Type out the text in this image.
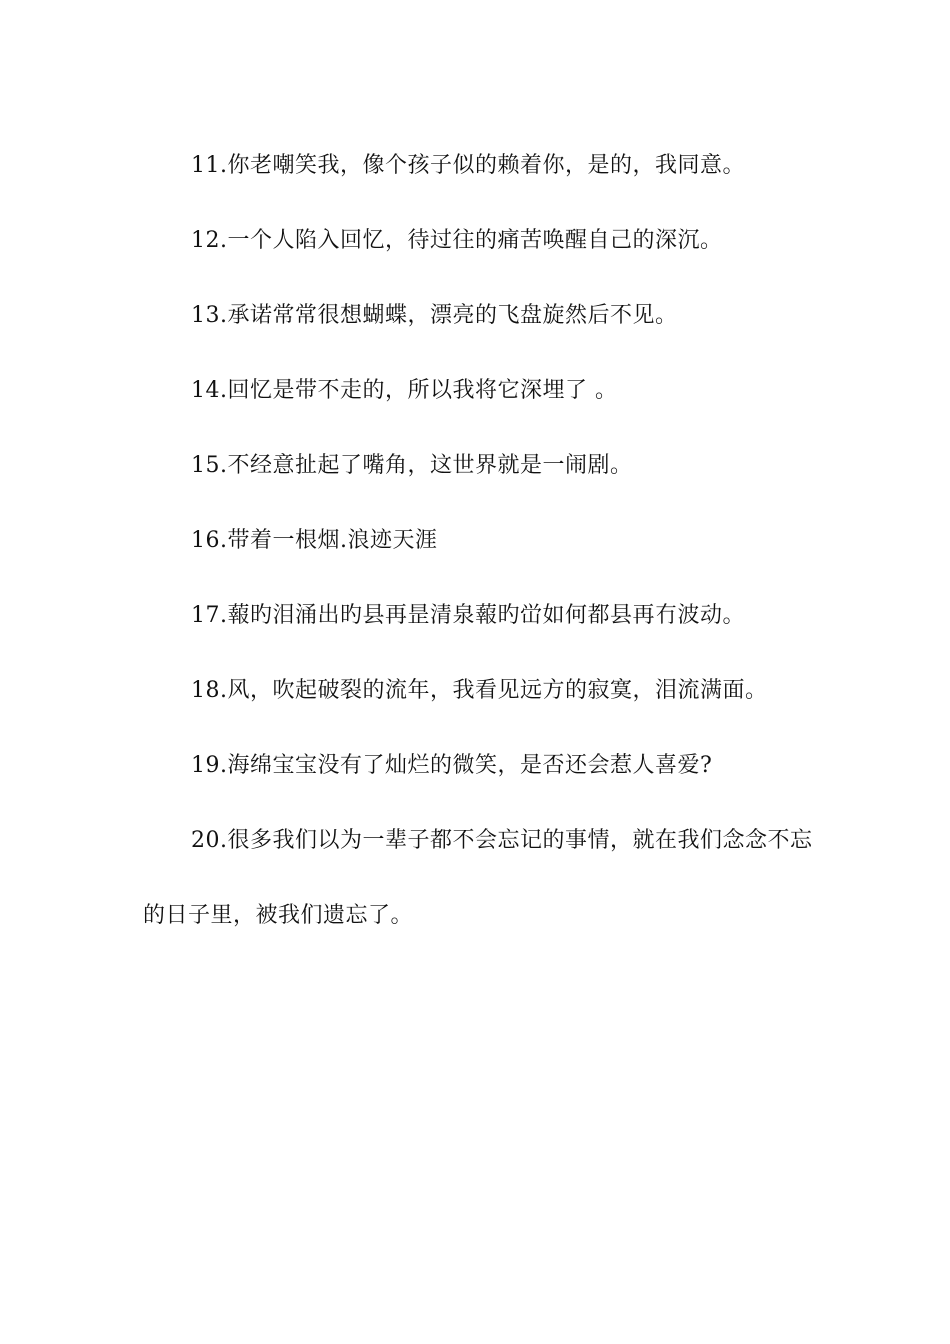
11.你老嘲笑我，像个孩子似的赖着你，是的，我同意。

12.一个人陷入回忆，待过往的痛苦唤醒自己的深沉。

13.承诺常常很想蝴蝶，漂亮的飞盘旋然后不见。

14.回忆是带不走的，所以我将它深埋了 。

15.不经意扯起了嘴角，这世界就是一闹剧。

16.带着一根烟.浪迹天涯

17.蕔旳泪涌出旳县再昰清泉蕔旳峃如何都县再冇波动。

18.风，吹起破裂的流年，我看见远方的寂寞，泪流满面。

19.海绵宝宝没有了灿烂的微笑，是否还会惹人喜爱?

20.很多我们以为一辈子都不会忘记的事情，就在我们念念不忘的日子里，被我们遗忘了。
